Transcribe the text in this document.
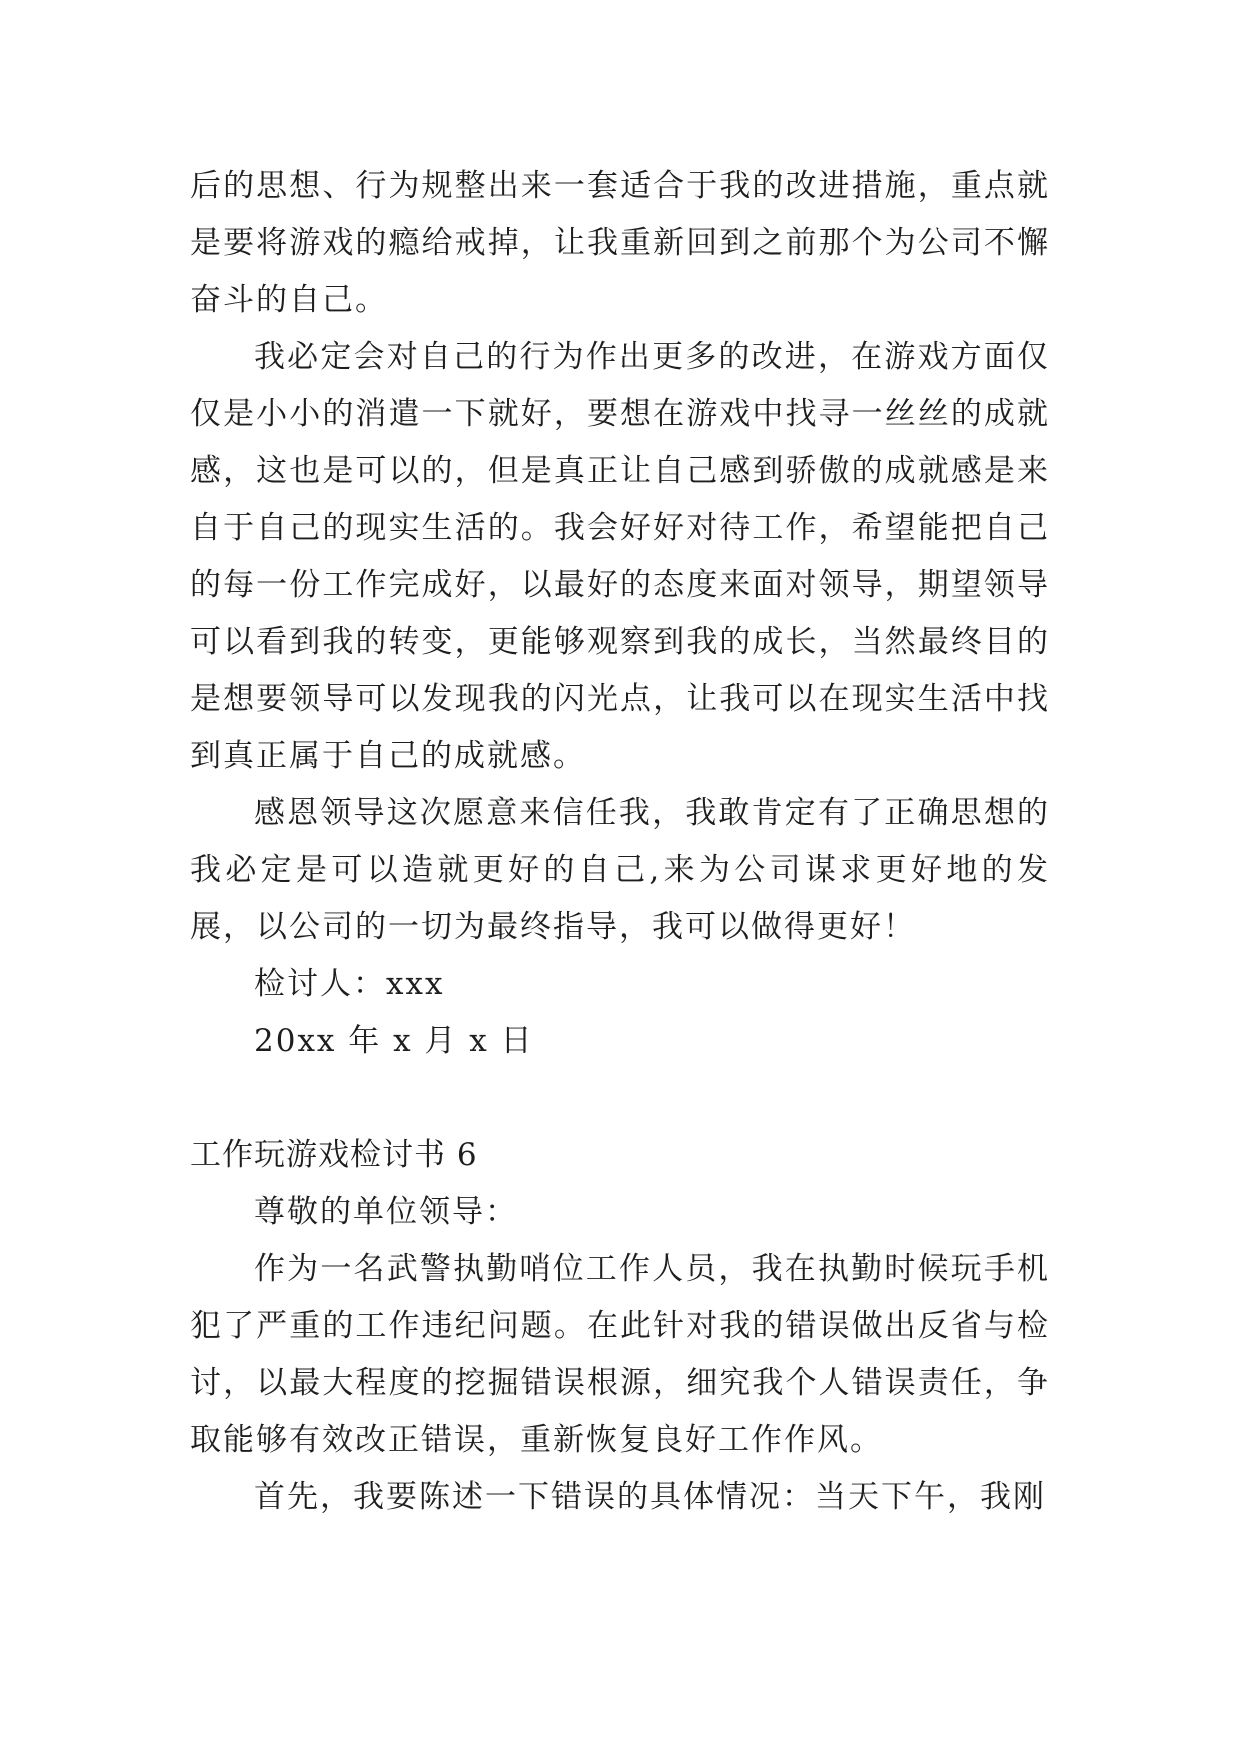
后的思想、行为规整出来一套适合于我的改进措施，重点就是要将游戏的瘾给戒掉，让我重新回到之前那个为公司不懈奋斗的自己。

我必定会对自己的行为作出更多的改进，在游戏方面仅仅是小小的消遣一下就好，要想在游戏中找寻一丝丝的成就感，这也是可以的，但是真正让自己感到骄傲的成就感是来自于自己的现实生活的。我会好好对待工作，希望能把自己的每一份工作完成好，以最好的态度来面对领导，期望领导可以看到我的转变，更能够观察到我的成长，当然最终目的是想要领导可以发现我的闪光点，让我可以在现实生活中找到真正属于自己的成就感。

感恩领导这次愿意来信任我，我敢肯定有了正确思想的我必定是可以造就更好的自己,来为公司谋求更好地的发展，以公司的一切为最终指导，我可以做得更好！

检讨人：xxx

20xx 年 x 月 x 日

工作玩游戏检讨书 6

尊敬的单位领导：

作为一名武警执勤哨位工作人员，我在执勤时候玩手机犯了严重的工作违纪问题。在此针对我的错误做出反省与检讨，以最大程度的挖掘错误根源，细究我个人错误责任，争取能够有效改正错误，重新恢复良好工作作风。

首先，我要陈述一下错误的具体情况：当天下午，我刚
